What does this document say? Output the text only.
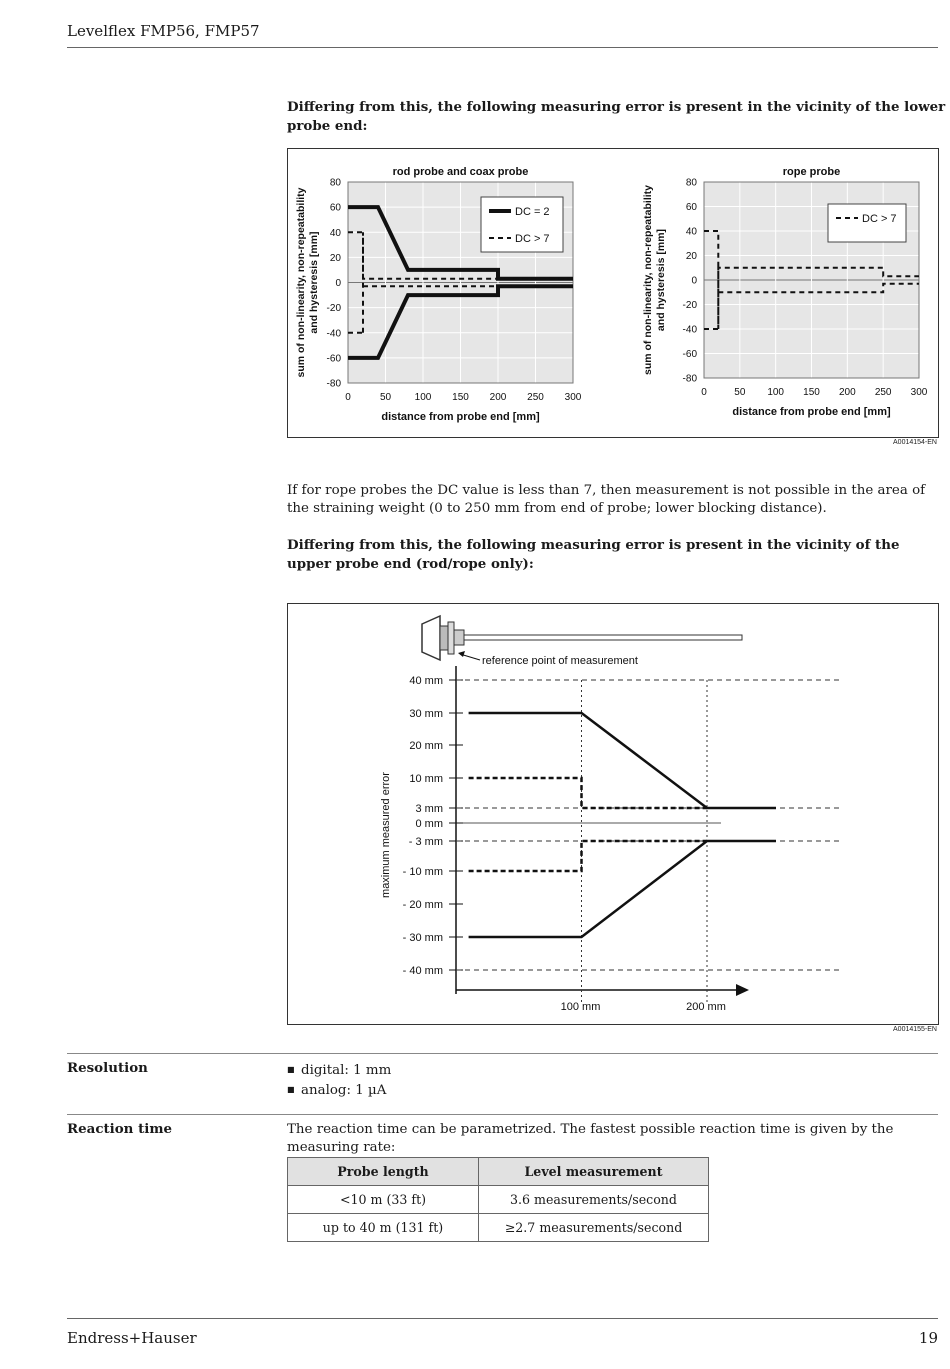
Levelflex FMP56, FMP57
Differing from this, the following measuring error is present in the vicinity of the lower probe end:
-80
-60
-40
-20
0
20
40
60
80
0	50 100 150 200 250 300
rod probe and coax probe
distance from probe end [mm]
sum of non-linearity, non-repeatability and hysteresis [mm]
DC = 2
DC > 7
-80
-60
-40
-20
0
20
40
60
80
0	50 100 150 200 250 300
rope probe
distance from probe end [mm]
sum of non-linearity, non-repeatability and hysteresis [mm]
DC > 7
A0014154-EN
If for rope probes the DC value is less than 7, then measurement is not possible in the area of the straining weight (0 to 250 mm from end of probe; lower blocking distance).
Differing from this, the following measuring error is present in the vicinity of the upper probe end (rod/rope only):
reference point of measurement
40 mm
30 mm
20 mm
10 mm
3 mm
0 mm
- 3 mm
- 10 mm
- 20 mm
- 30 mm
- 40 mm
100 mm	200 mm
maximum measured error
A0014155-EN
Resolution	■ digital: 1 mm
■ analog: 1 µA
Reaction time	The reaction time can be parametrized. The fastest possible reaction time is given by the measuring rate:
Probe length	Level measurement
<10 m (33 ft)	3.6 measurements/second
up to 40 m (131 ft)	≥2.7 measurements/second
Endress+Hauser	19
